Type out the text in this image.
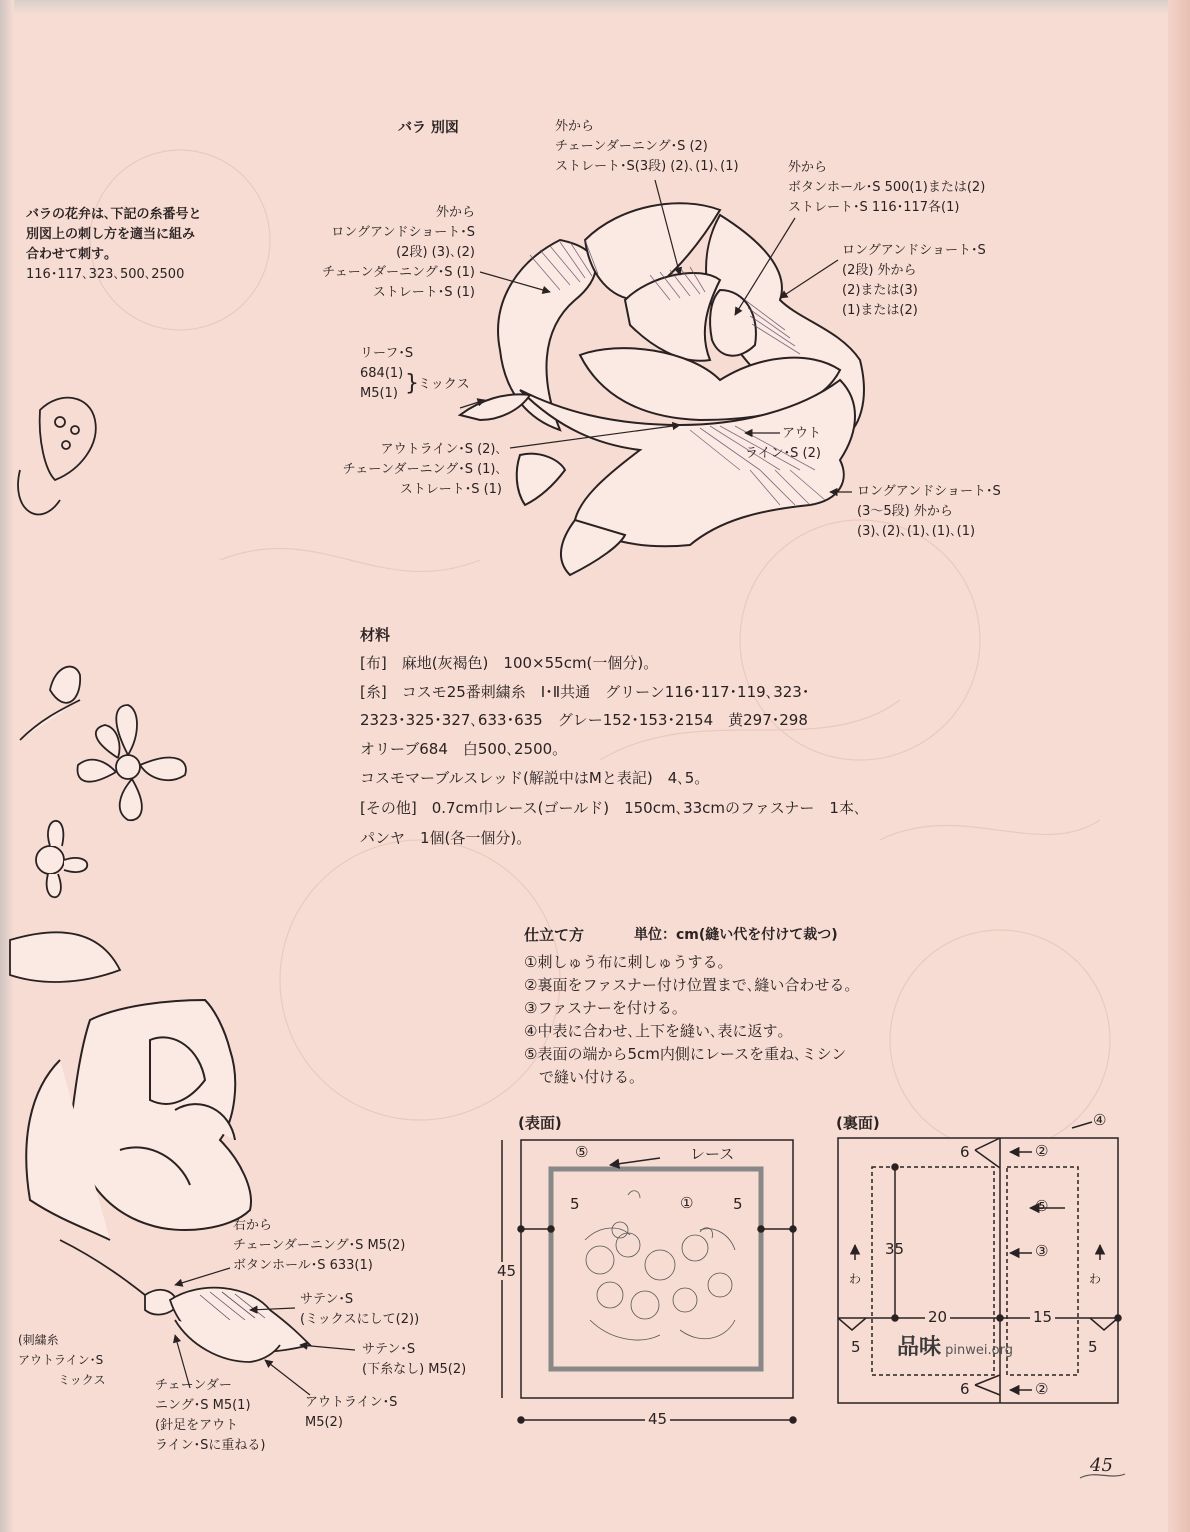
バラ 別図	外から
チェーンダーニング･S (2)
ストレート･S(3段) (2)､(1)､(1)	外から
ボタンホール･S 500(1)または(2)
ストレート･S 116･117各(1)
外から
ロングアンドショート･S
(2段) (3)､(2)
チェーンダーニング･S (1)
ストレート･S (1)
ロングアンドショート･S
(2段) 外から
(2)または(3)
(1)または(2)
リーフ･S
684(1)
M5(1) } ミックス
アウトライン･S (2)､
チェーンダーニング･S (1)､
ストレート･S (1)
アウト
ライン･S (2)
ロングアンドショート･S
(3〜5段) 外から
(3)､(2)､(1)､(1)､(1)
バラの花弁は､下記の糸番号と
別図上の刺し方を適当に組み
合わせて刺す｡
116･117､323､500､2500
右から
チェーンダーニング･S M5(2)
ボタンホール･S 633(1)
サテン･S
(ミックスにして(2))
サテン･S
(下糸なし) M5(2)
チェーンダー
ニング･S M5(1)
(針足をアウト
ライン･Sに重ねる)
アウトライン･S
M5(2)
(刺繍糸
アウトライン･S
ミックス
材料
[布]　麻地(灰褐色)　100×55cm(一個分)｡
[糸]　コスモ25番刺繍糸　Ⅰ･Ⅱ共通　グリーン116･117･119､323･
2323･325･327､633･635　グレー152･153･2154　黄297･298
オリーブ684　白500､2500｡
コスモマーブルスレッド(解説中はMと表記)　4､5｡
[その他]　0.7cm巾レース(ゴールド)　150cm､33cmのファスナー　1本､
パンヤ　1個(各一個分)｡
仕立て方	単位：cm(縫い代を付けて裁つ)
①刺しゅう布に刺しゅうする｡
②裏面をファスナー付け位置まで､縫い合わせる｡
③ファスナーを付ける｡
④中表に合わせ､上下を縫い､表に返す｡
⑤表面の端から5cm内側にレースを重ね､ミシン
　で縫い付ける｡
(表面)
⑤	レース
①
45
45
5	5
(裏面)	④
6	②
⑤
③
35
20	15
5	5
6	②
わ	わ
品味 pinwei.org
45
